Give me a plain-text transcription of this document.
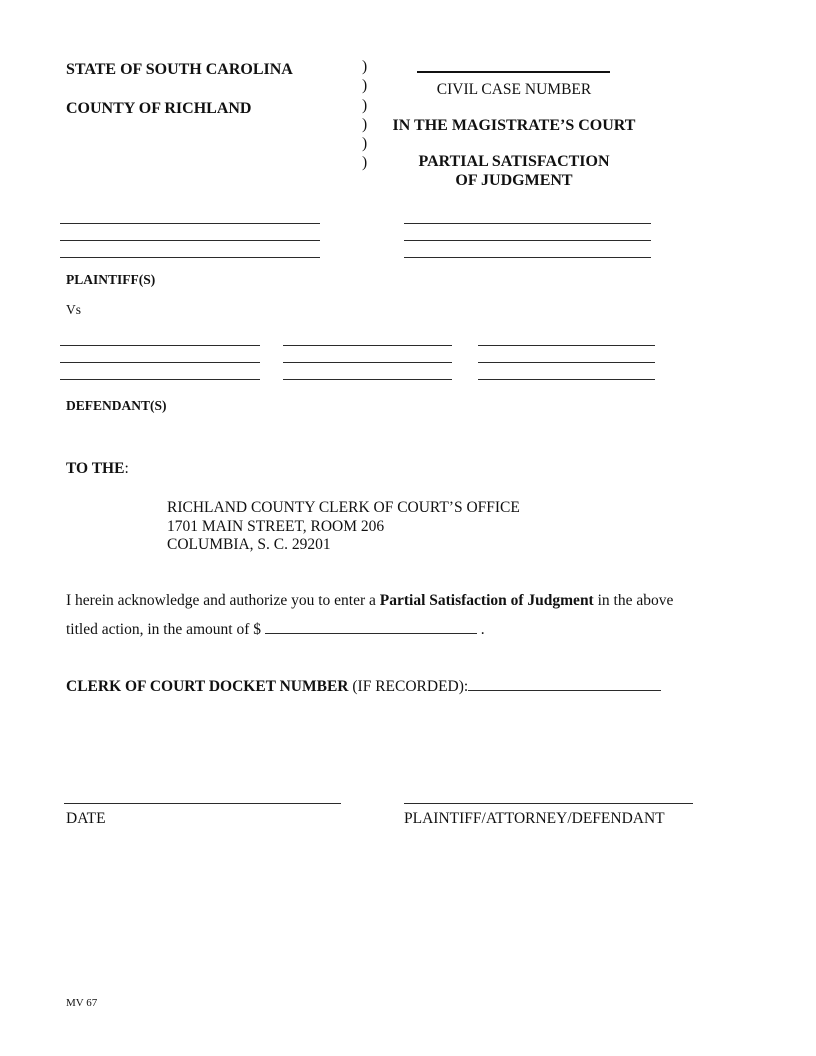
STATE OF SOUTH CAROLINA
COUNTY OF RICHLAND
)
)
)
)
)
)
CIVIL CASE NUMBER
IN THE MAGISTRATE’S COURT
PARTIAL SATISFACTION
OF JUDGMENT
PLAINTIFF(S)
Vs
DEFENDANT(S)
TO THE:
RICHLAND COUNTY CLERK OF COURT’S OFFICE
1701 MAIN STREET, ROOM 206
COLUMBIA, S. C. 29201
I herein acknowledge and authorize you to enter a Partial Satisfaction of Judgment in the above
titled action, in the amount of $	.
CLERK OF COURT DOCKET NUMBER (IF RECORDED):
DATE	PLAINTIFF/ATTORNEY/DEFENDANT
MV 67
